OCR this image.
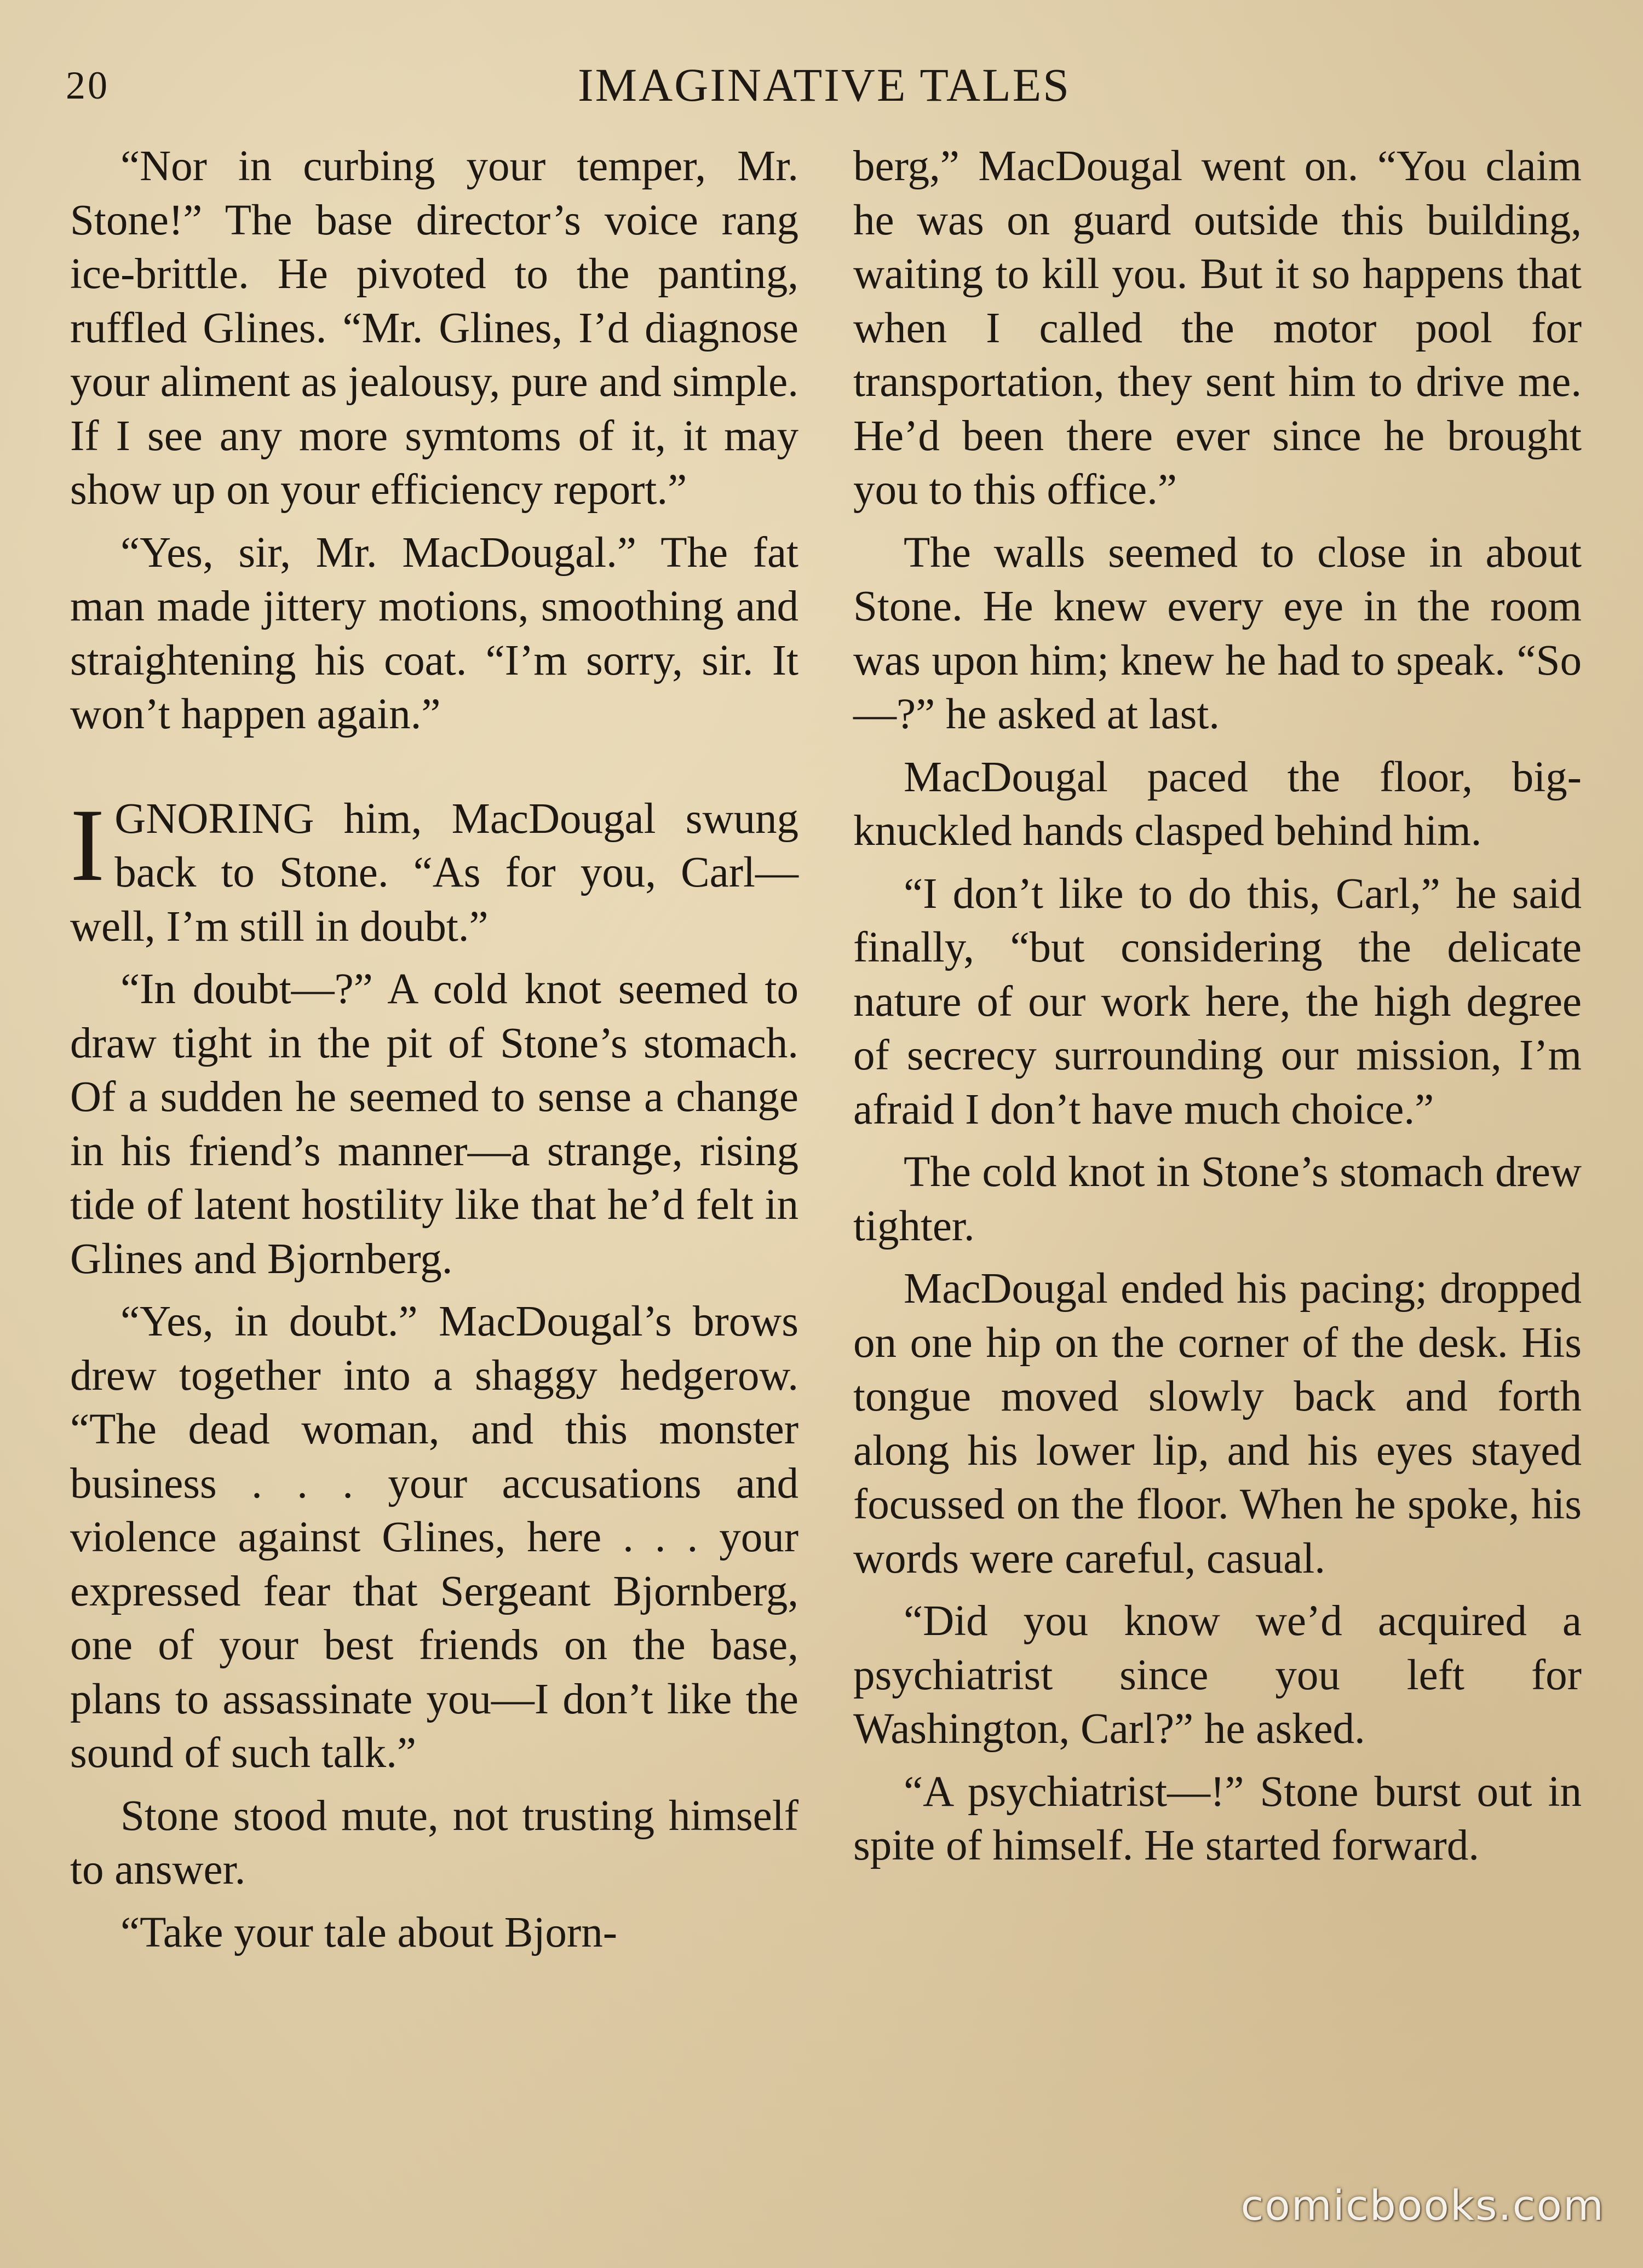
20	IMAGINATIVE TALES

“Nor in curbing your temper, Mr. Stone!” The base director’s voice rang ice-brittle. He pivoted to the panting, ruffled Glines. “Mr. Glines, I’d diagnose your aliment as jealousy, pure and simple. If I see any more symtoms of it, it may show up on your efficiency report.”

“Yes, sir, Mr. MacDougal.” The fat man made jittery motions, smoothing and straightening his coat. “I’m sorry, sir. It won’t happen again.”

IGNORING him, MacDougal swung back to Stone. “As for you, Carl—well, I’m still in doubt.”

“In doubt—?” A cold knot seemed to draw tight in the pit of Stone’s stomach. Of a sudden he seemed to sense a change in his friend’s manner—a strange, rising tide of latent hostility like that he’d felt in Glines and Bjornberg.

“Yes, in doubt.” MacDougal’s brows drew together into a shaggy hedgerow. “The dead woman, and this monster business . . . your accusations and violence against Glines, here . . . your expressed fear that Sergeant Bjornberg, one of your best friends on the base, plans to assassinate you—I don’t like the sound of such talk.”

Stone stood mute, not trusting himself to answer.

“Take your tale about Bjorn-

berg,” MacDougal went on. “You claim he was on guard outside this building, waiting to kill you. But it so happens that when I called the motor pool for transportation, they sent him to drive me. He’d been there ever since he brought you to this office.”

The walls seemed to close in about Stone. He knew every eye in the room was upon him; knew he had to speak. “So—?” he asked at last.

MacDougal paced the floor, big-knuckled hands clasped behind him.

“I don’t like to do this, Carl,” he said finally, “but considering the delicate nature of our work here, the high degree of secrecy surrounding our mission, I’m afraid I don’t have much choice.”

The cold knot in Stone’s stomach drew tighter.

MacDougal ended his pacing; dropped on one hip on the corner of the desk. His tongue moved slowly back and forth along his lower lip, and his eyes stayed focussed on the floor. When he spoke, his words were careful, casual.

“Did you know we’d acquired a psychiatrist since you left for Washington, Carl?” he asked.

“A psychiatrist—!” Stone burst out in spite of himself. He started forward.

comicbooks.com
